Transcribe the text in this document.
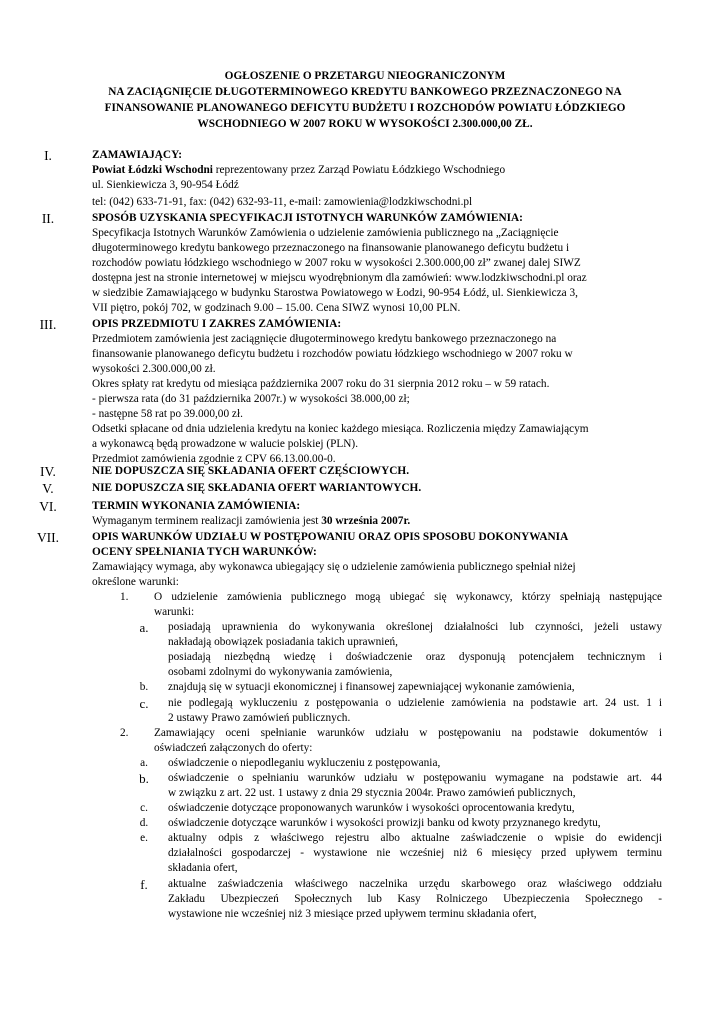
OGŁOSZENIE O PRZETARGU NIEOGRANICZONYM
NA ZACIĄGNIĘCIE DŁUGOTERMINOWEGO KREDYTU BANKOWEGO PRZEZNACZONEGO NA
FINANSOWANIE PLANOWANEGO DEFICYTU BUDŻETU I ROZCHODÓW POWIATU ŁÓDZKIEGO
WSCHODNIEGO W 2007 ROKU W WYSOKOŚCI 2.300.000,00 ZŁ.
I.	ZAMAWIAJĄCY:
Powiat Łódzki Wschodni reprezentowany przez Zarząd Powiatu Łódzkiego Wschodniego
ul. Sienkiewicza 3, 90-954 Łódź
tel: (042) 633-71-91, fax: (042) 632-93-11, e-mail: zamowienia@lodzkiwschodni.pl
II.	SPOSÓB UZYSKANIA SPECYFIKACJI ISTOTNYCH WARUNKÓW ZAMÓWIENIA:
Specyfikacja Istotnych Warunków Zamówienia o udzielenie zamówienia publicznego na „Zaciągnięcie
długoterminowego kredytu bankowego przeznaczonego na finansowanie planowanego deficytu budżetu i
rozchodów powiatu łódzkiego wschodniego w 2007 roku w wysokości 2.300.000,00 zł” zwanej dalej SIWZ
dostępna jest na stronie internetowej w miejscu wyodrębnionym dla zamówień: www.lodzkiwschodni.pl oraz
w siedzibie Zamawiającego w budynku Starostwa Powiatowego w Łodzi, 90-954 Łódź, ul. Sienkiewicza 3,
VII piętro, pokój 702, w godzinach 9.00 – 15.00. Cena SIWZ wynosi 10,00 PLN.
III.	OPIS PRZEDMIOTU I ZAKRES ZAMÓWIENIA:
Przedmiotem zamówienia jest zaciągnięcie długoterminowego kredytu bankowego przeznaczonego na
finansowanie planowanego deficytu budżetu i rozchodów powiatu łódzkiego wschodniego w 2007 roku w
wysokości 2.300.000,00 zł.
Okres spłaty rat kredytu od miesiąca października 2007 roku do 31 sierpnia 2012 roku – w 59 ratach.
- pierwsza rata (do 31 października 2007r.) w wysokości 38.000,00 zł;
- następne 58 rat po 39.000,00 zł.
Odsetki spłacane od dnia udzielenia kredytu na koniec każdego miesiąca. Rozliczenia między Zamawiającym
a wykonawcą będą prowadzone w walucie polskiej (PLN).
Przedmiot zamówienia zgodnie z CPV 66.13.00.00-0.
IV.	NIE DOPUSZCZA SIĘ SKŁADANIA OFERT CZĘŚCIOWYCH.
V.	NIE DOPUSZCZA SIĘ SKŁADANIA OFERT WARIANTOWYCH.
VI.	TERMIN WYKONANIA ZAMÓWIENIA:
Wymaganym terminem realizacji zamówienia jest 30 września 2007r.
VII.	OPIS WARUNKÓW UDZIAŁU W POSTĘPOWANIU ORAZ OPIS SPOSOBU DOKONYWANIA
OCENY SPEŁNIANIA TYCH WARUNKÓW:
Zamawiający wymaga, aby wykonawca ubiegający się o udzielenie zamówienia publicznego spełniał niżej
określone warunki:
1. O udzielenie zamówienia publicznego mogą ubiegać się wykonawcy, którzy spełniają następujące
warunki:
a.	posiadają uprawnienia do wykonywania określonej działalności lub czynności, jeżeli ustawy
nakładają obowiązek posiadania takich uprawnień,
posiadają niezbędną wiedzę i doświadczenie oraz dysponują potencjałem technicznym i
osobami zdolnymi do wykonywania zamówienia,
b.	znajdują się w sytuacji ekonomicznej i finansowej zapewniającej wykonanie zamówienia,
c.	nie podlegają wykluczeniu z postępowania o udzielenie zamówienia na podstawie art. 24 ust. 1 i
2 ustawy Prawo zamówień publicznych.
2. Zamawiający oceni spełnianie warunków udziału w postępowaniu na podstawie dokumentów i
oświadczeń załączonych do oferty:
a.	oświadczenie o niepodleganiu wykluczeniu z postępowania,
b.	oświadczenie o spełnianiu warunków udziału w postępowaniu wymagane na podstawie art. 44
w związku z art. 22 ust. 1 ustawy z dnia 29 stycznia 2004r. Prawo zamówień publicznych,
c.	oświadczenie dotyczące proponowanych warunków i wysokości oprocentowania kredytu,
d.	oświadczenie dotyczące warunków i wysokości prowizji banku od kwoty przyznanego kredytu,
e.	aktualny odpis z właściwego rejestru albo aktualne zaświadczenie o wpisie do ewidencji
działalności gospodarczej - wystawione nie wcześniej niż 6 miesięcy przed upływem terminu
składania ofert,
f.	aktualne zaświadczenia właściwego naczelnika urzędu skarbowego oraz właściwego oddziału
Zakładu Ubezpieczeń Społecznych lub Kasy Rolniczego Ubezpieczenia Społecznego -
wystawione nie wcześniej niż 3 miesiące przed upływem terminu składania ofert,
